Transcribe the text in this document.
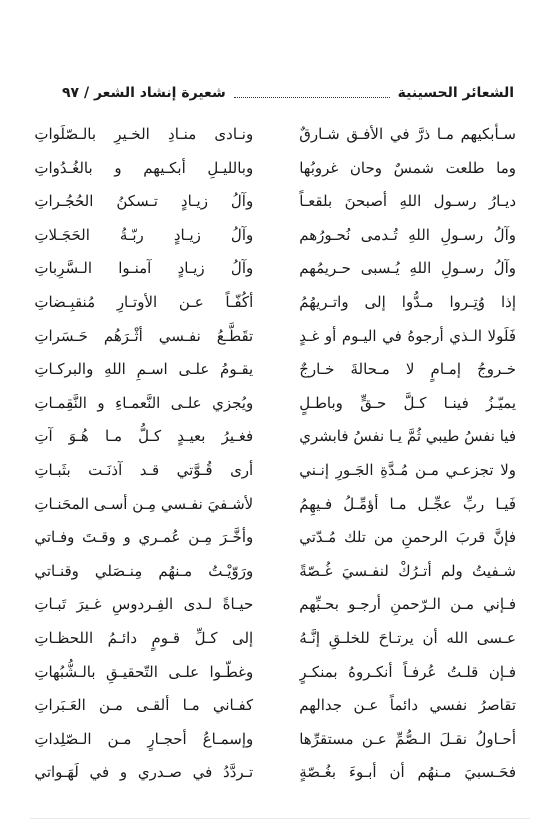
الشعائر الحسينية
شعيرة إنشاد الشعر / ٩٧
سـأبكيهم مـا ذرَّ في الأفـق شـارقٌ
وما طلعت شمسٌ وحان غروبُها
ديـارُ رسـول اللهِ أصبحنَ بلقعـاً
وآلُ رسـولِ اللهِ تُـدمى نُحـورُهم
وآلُ رسـولِ اللهِ يُـسبى حـريمُهم
إذا وُتِـروا مـدُّوا إلى واتـريهُمُ
فَلَولا الـذي أرجوهُ في اليـوم أو غـدٍ
خـروجُ إمـامٍ لا مـحالةَ خـارجٌ
يميّـزُ فينـا كـلَّ حـقٍّ وباطـلٍ
فيا نفسُ طيبي ثُمَّ يـا نفسُ فابشري
ولا تجزعـي مـن مُـدَّةِ الجَـورِ إنـني
فَيـا ربِّ عجِّـل مـا أؤمِّـلُ فـيهِمُ
فإنَّ قربَ الرحمنِ من تلك مُـدّتي
شـفيتُ ولم أتـرُكْ لنفـسيَ غُـصّةً
فـإني مـن الـرّحمنِ أرجـو بحـبِّهم
عـسى الله أن يرتـاحَ للخلـقِ إنَّـهُ
فـإن قلـتُ عُرفـاً أنكـروهُ بمنكـرٍ
تقاصرُ نفسي دائماً عـن جدالهم
أحـاولُ نقـلَ الـصُّمِّ عـن مستقرِّها
فحَـسبيَ مـنهُم أن أبـوءَ بغُـصّةٍ
ونـادى منـادِ الخـيرِ بالـصّلَواتِ
وبالليـلِ أبكـيهم و بالغُـدُواتِ
وآلُ زيـادٍ تـسكنُ الحُجُـراتِ
وآلُ زيـادٍ ربّـةُ الحَجَـلاتِ
وآلُ زيـادٍ آمنـوا الـسَّرِباتِ
أكُفّـاً عـن الأوتـارِ مُنقبِـضاتِ
تقَطَّـعُ نفـسي أثْـرَهُم حَـسَراتِ
يقـومُ علـى اسـمِ اللهِ والبركـاتِ
ويُجزي علـى النَّعمـاءِ و النَّقِمـاتِ
فغـيرُ بعيـدٍ كـلُّ مـا هُـوَ آتِ
أرى قُـوَّتي قـد آذنَـت بثَبـاتِ
لأشـفيَ نفـسي مِـن أسـى المحَنـاتِ
وأخَّـرَ مِـن عُمـري و وقـتَ وفـاتي
ورَوّيْـتُ مـنهُم مِنـصَلي وقنـاتي
حيـاةً لـدى الفِـردوسِ غـيرَ تَبـاتِ
إلى كـلِّ قـومٍ دائـمُ اللحظـاتِ
وغطّـوا علـى التّحقيـقِ بالـشُّبُهاتِ
كفـاني مـا ألقـى مـن العَـبَراتِ
وإسمـاعُ أحجـارٍ مـن الـصّلِداتِ
تـردَّدُ في صـدري و في لَهَـواتي
